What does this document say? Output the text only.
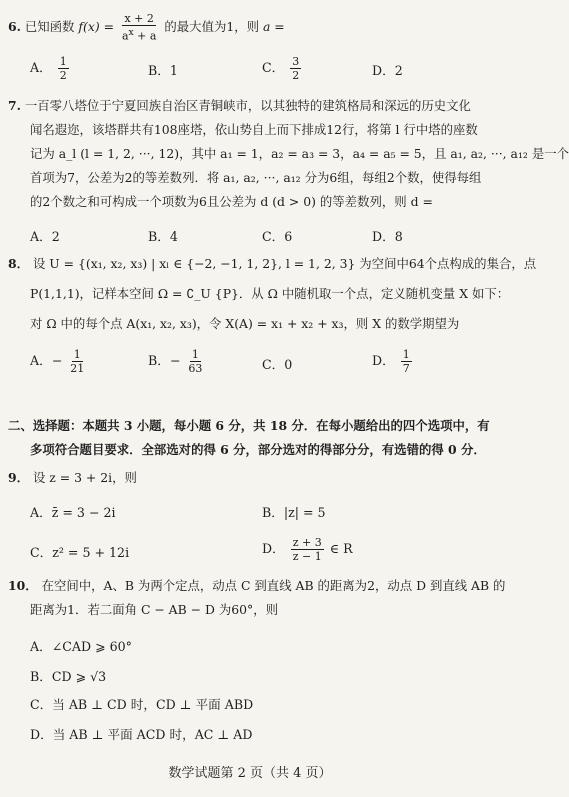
6. 已知函数 $f(x) = \frac{x + 2}{a^x + a}$ 的最大值为1，则 a =
A． $\frac{1}{2}$	B．1	C． $\frac{3}{2}$	D．2
7. 一百零八塔位于宁夏回族自治区青铜峡市，以其独特的建筑格局和深远的历史文化
闻名遐迩，该塔群共有108座塔，依山势自上而下排成12行，将第 l 行中塔的座数
记为 a_l (l = 1, 2, ···, 12)，其中 a₁ = 1，a₂ = a₃ = 3，a₄ = a₅ = 5，且 a₁, a₂, ···, a₁₂ 是一个
首项为7，公差为2的等差数列．将 a₁, a₂, ···, a₁₂ 分为6组，每组2个数，使得每组
的2个数之和可构成一个项数为6且公差为 d (d > 0) 的等差数列，则 d =
A．2	B．4	C．6	D．8
8． 设 U = {(x₁, x₂, x₃) | xₗ ∈ {−2, −1, 1, 2}, l = 1, 2, 3} 为空间中64个点构成的集合，点
P(1,1,1)，记样本空间 Ω = ∁_U {P}．从 Ω 中随机取一个点，定义随机变量 X 如下：
对 Ω 中的每个点 A(x₁, x₂, x₃)，令 X(A) = x₁ + x₂ + x₃，则 X 的数学期望为
A．− $\frac{1}{21}$	B．− $\frac{1}{63}$	C．0	D． $\frac{1}{7}$
二、选择题：本题共 3 小题，每小题 6 分，共 18 分．在每小题给出的四个选项中，有
多项符合题目要求．全部选对的得 6 分，部分选对的得部分分，有选错的得 0 分．
9． 设 z = 3 + 2i，则
A．z̄ = 3 − 2i	B．|z| = 5
C．z² = 5 + 12i	D． $\frac{z + 3}{z - 1}$ ∈ R
10． 在空间中，A、B 为两个定点，动点 C 到直线 AB 的距离为2，动点 D 到直线 AB 的
距离为1．若二面角 C − AB − D 为60°，则
A．∠CAD ⩾ 60°
B．CD ⩾ √3
C．当 AB ⊥ CD 时，CD ⊥ 平面 ABD
D．当 AB ⊥ 平面 ACD 时，AC ⊥ AD
数学试题第 2 页（共 4 页）
